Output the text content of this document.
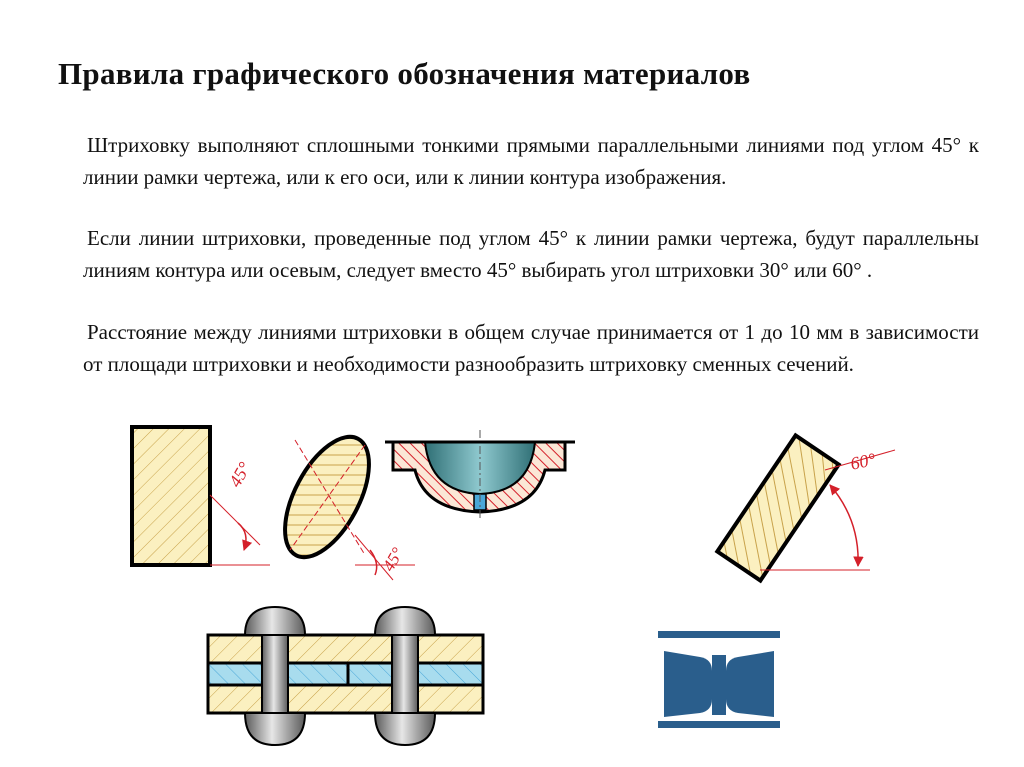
Правила графического обозначения материалов
Штриховку выполняют сплошными тонкими прямыми параллельными линиями под углом 45° к линии рамки чертежа, или к его оси, или к линии контура изображения.
Если линии штриховки, проведенные под углом 45° к линии рамки чертежа, будут параллельны линиям контура или осевым, следует вместо 45° выбирать угол штриховки 30° или 60° .
Расстояние между линиями штриховки в общем случае принимается от 1 до 10 мм в зависимости от площади штриховки и необходимости разнообразить штриховку сменных сечений.
45°
45°
60°
